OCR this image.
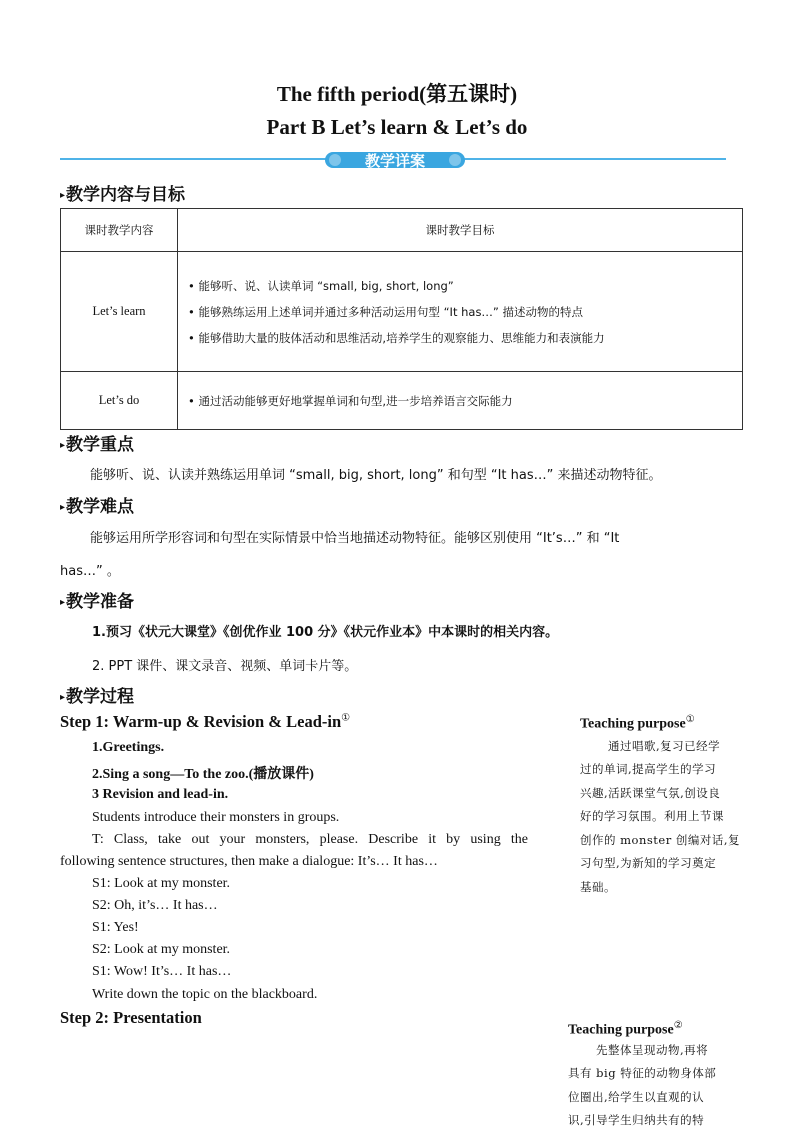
The fifth period(第五课时)
Part B Let’s learn & Let’s do
教学详案
▸教学内容与目标
课时教学内容	课时教学目标
Let’s learn	• 能够听、说、认读单词 “small, big, short, long”
• 能够熟练运用上述单词并通过多种活动运用句型 “It has…” 描述动物的特点
• 能够借助大量的肢体活动和思维活动,培养学生的观察能力、思维能力和表演能力

Let’s do	• 通过活动能够更好地掌握单词和句型,进一步培养语言交际能力
▸教学重点
能够听、说、认读并熟练运用单词 “small, big, short, long” 和句型 “It has…” 来描述动物特征。
▸教学难点
能够运用所学形容词和句型在实际情景中恰当地描述动物特征。能够区别使用 “It’s…” 和 “It
has…” 。
▸教学准备
1.预习《状元大课堂》《创优作业 100 分》《状元作业本》中本课时的相关内容。
2. PPT 课件、课文录音、视频、单词卡片等。
▸教学过程
Step 1: Warm-up & Revision & Lead-in①
1.Greetings.
2.Sing a song—To the zoo.(播放课件)
3 Revision and lead-in.
Students introduce their monsters in groups.
T: Class, take out your monsters, please. Describe it by using the
following sentence structures, then make a dialogue: It’s… It has…
S1: Look at my monster.
S2: Oh, it’s… It has…
S1: Yes!
S2: Look at my monster.
S1: Wow! It’s… It has…
Write down the topic on the blackboard.
Step 2: Presentation
Teaching purpose①
通过唱歌,复习已经学
过的单词,提高学生的学习
兴趣,活跃课堂气氛,创设良
好的学习氛围。利用上节课
创作的 monster 创编对话,复
习句型,为新知的学习奠定
基础。
Teaching purpose②
先整体呈现动物,再将
具有 big 特征的动物身体部
位圈出,给学生以直观的认
识,引导学生归纳共有的特
